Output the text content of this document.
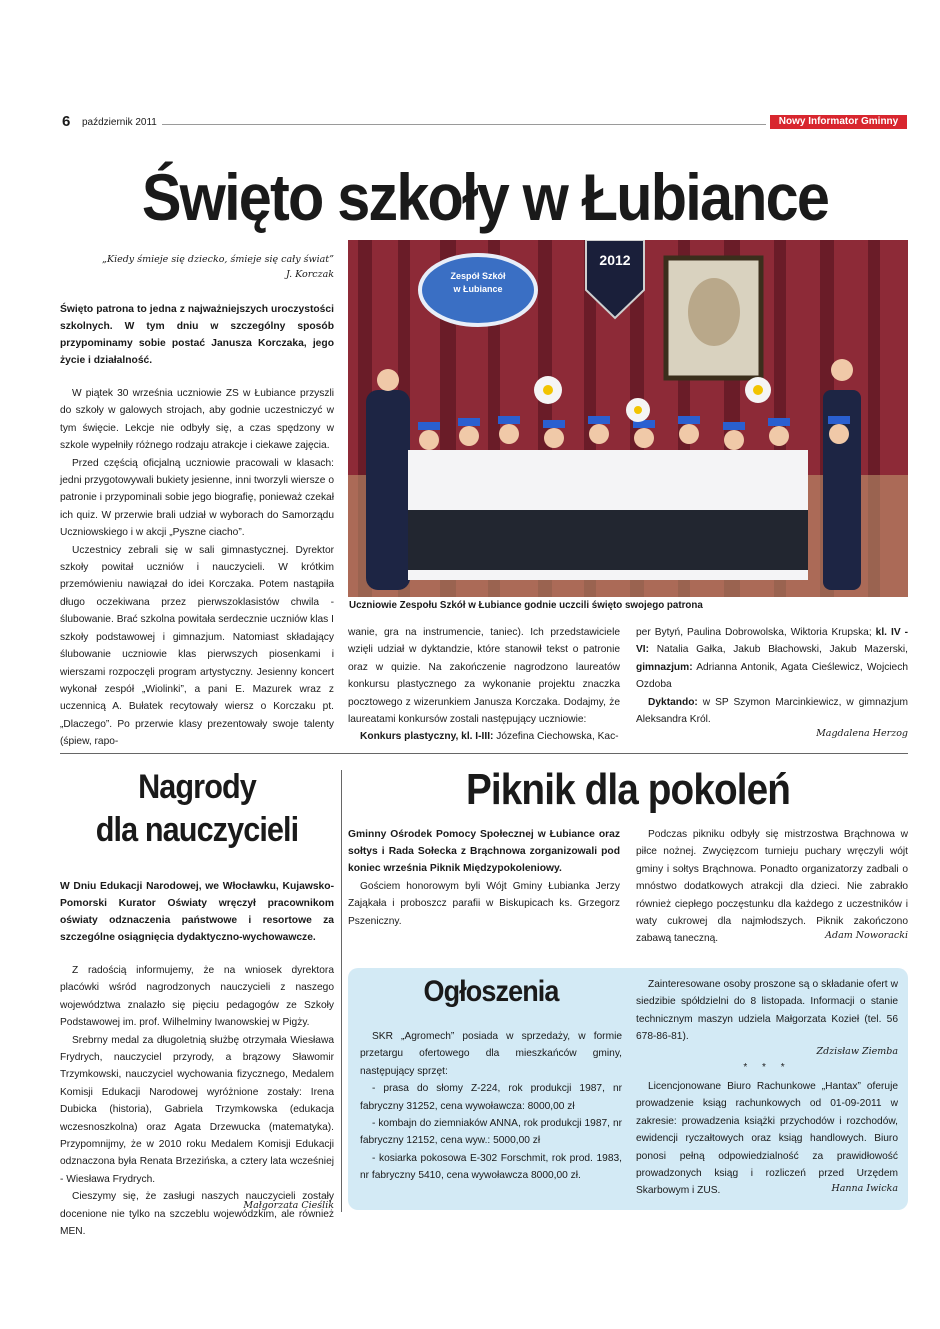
6 październik 2011	Nowy Informator Gminny
Święto szkoły w Łubiance
„Kiedy śmieje się dziecko, śmieje się cały świat”
J. Korczak
Święto patrona to jedna z najważniejszych uroczystości szkolnych. W tym dniu w szczególny sposób przypominamy sobie postać Janusza Korczaka, jego życie i działalność.

W piątek 30 września uczniowie ZS w Łubiance przyszli do szkoły w galowych strojach, aby godnie uczestniczyć w tym święcie. Lekcje nie odbyły się, a czas spędzony w szkole wypełniły różnego rodzaju atrakcje i ciekawe zajęcia.

Przed częścią oficjalną uczniowie pracowali w klasach: jedni przygotowywali bukiety jesienne, inni tworzyli wiersze o patronie i przypominali sobie jego biografię, ponieważ czekał ich quiz. W przerwie brali udział w wyborach do Samorządu Uczniowskiego i w akcji „Pyszne ciacho”.

Uczestnicy zebrali się w sali gimnastycznej. Dyrektor szkoły powitał uczniów i nauczycieli. W krótkim przemówieniu nawiązał do idei Korczaka. Potem nastąpiła długo oczekiwana przez pierwszoklasistów chwila - ślubowanie. Brać szkolna powitała serdecznie uczniów klas I szkoły podstawowej i gimnazjum. Natomiast składający ślubowanie uczniowie klas pierwszych piosenkami i wierszami rozpoczęli program artystyczny. Jesienny koncert wykonał zespół „Wiolinki”, a pani E. Mazurek wraz z uczennicą A. Bułatek recytowały wiersz o Korczaku pt. „Dlaczego”. Po przerwie klasy prezentowały swoje talenty (śpiew, rapo-

Zespół Szkół
w Łubiance
2012
Uczniowie Zespołu Szkół w Łubiance godnie uczcili święto swojego patrona
wanie, gra na instrumencie, taniec). Ich przedstawiciele wzięli udział w dyktandzie, które stanowił tekst o patronie oraz w quizie. Na zakończenie nagrodzono laureatów konkursu plastycznego za wykonanie projektu znaczka pocztowego z wizerunkiem Janusza Korczaka. Dodajmy, że laureatami konkursów zostali następujący uczniowie:
Konkurs plastyczny, kl. I-III: Józefina Ciechowska, Kac-
per Bytyń, Paulina Dobrowolska, Wiktoria Krupska; kl. IV -VI: Natalia Gałka, Jakub Błachowski, Jakub Mazerski, gimnazjum: Adrianna Antonik, Agata Cieślewicz, Wojciech Ozdoba
Dyktando: w SP Szymon Marcinkiewicz, w gimnazjum Aleksandra Król.
Magdalena Herzog
Nagrody
dla nauczycieli
W Dniu Edukacji Narodowej, we Włocławku, Kujawsko-Pomorski Kurator Oświaty wręczył pracownikom oświaty odznaczenia państwowe i resortowe za szczególne osiągnięcia dydaktyczno-wychowawcze.

Z radością informujemy, że na wniosek dyrektora placówki wśród nagrodzonych nauczycieli z naszego województwa znalazło się pięciu pedagogów ze Szkoły Podstawowej im. prof. Wilhelminy Iwanowskiej w Pigży.

Srebrny medal za długoletnią służbę otrzymała Wiesława Frydrych, nauczyciel przyrody, a brązowy Sławomir Trzymkowski, nauczyciel wychowania fizycznego, Medalem Komisji Edukacji Narodowej wyróżnione zostały: Irena Dubicka (historia), Gabriela Trzymkowska (edukacja wczesnoszkolna) oraz Agata Drzewucka (matematyka). Przypomnijmy, że w 2010 roku Medalem Komisji Edukacji odznaczona była Renata Brzezińska, a cztery lata wcześniej - Wiesława Frydrych.

Cieszymy się, że zasługi naszych nauczycieli zostały docenione nie tylko na szczeblu wojewódzkim, ale również MEN.

Małgorzata Cieślik
Piknik dla pokoleń
Gminny Ośrodek Pomocy Społecznej w Łubiance oraz sołtys i Rada Sołecka z Brąchnowa zorganizowali pod koniec września Piknik Międzypokoleniowy.

Gościem honorowym byli Wójt Gminy Łubianka Jerzy Zająkała i proboszcz parafii w Biskupicach ks. Grzegorz Pszeniczny.

Podczas pikniku odbyły się mistrzostwa Brąchnowa w piłce nożnej. Zwycięzcom turnieju puchary wręczyli wójt gminy i sołtys Brąchnowa. Ponadto organizatorzy zadbali o mnóstwo dodatkowych atrakcji dla dzieci. Nie zabrakło również ciepłego poczęstunku dla każdego z uczestników i waty cukrowej dla najmłodszych. Piknik zakończono zabawą taneczną.	Adam Noworacki
Ogłoszenia

SKR „Agromech” posiada w sprzedaży, w formie przetargu ofertowego dla mieszkańców gminy, następujący sprzęt:

- prasa do słomy Z-224, rok produkcji 1987, nr fabryczny 31252, cena wywoławcza: 8000,00 zł

- kombajn do ziemniaków ANNA, rok produkcji 1987, nr fabryczny 12152, cena wyw.: 5000,00 zł

- kosiarka pokosowa E-302 Forschmit, rok prod. 1983, nr fabryczny 5410, cena wywoławcza 8000,00 zł.

Zainteresowane osoby proszone są o składanie ofert w siedzibie spółdzielni do 8 listopada. Informacji o stanie technicznym maszyn udziela Małgorzata Kozieł (tel. 56 678-86-81).

Zdzisław Ziemba
* * *

Licencjonowane Biuro Rachunkowe „Hantax” oferuje prowadzenie ksiąg rachunkowych od 01-09-2011 w zakresie: prowadzenia książki przychodów i rozchodów, ewidencji ryczałtowych oraz ksiąg handlowych. Biuro ponosi pełną odpowiedzialność za prawidłowość prowadzonych ksiąg i rozliczeń przed Urzędem Skarbowym i ZUS.	Hanna Iwicka
